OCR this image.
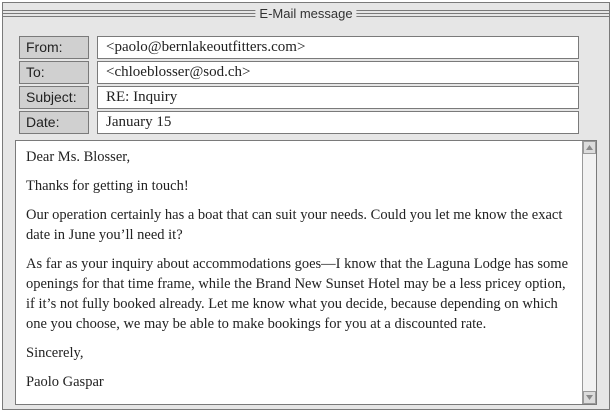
E-Mail message
From:	<paolo@bernlakeoutfitters.com>
To:	<chloeblosser@sod.ch>
Subject:	RE: Inquiry
Date:	January 15

Dear Ms. Blosser,

Thanks for getting in touch!

Our operation certainly has a boat that can suit your needs. Could you let me know the exact date in June you’ll need it?

As far as your inquiry about accommodations goes—I know that the Laguna Lodge has some openings for that time frame, while the Brand New Sunset Hotel may be a less pricey option, if it’s not fully booked already. Let me know what you decide, because depending on which one you choose, we may be able to make bookings for you at a discounted rate.

Sincerely,

Paolo Gaspar
